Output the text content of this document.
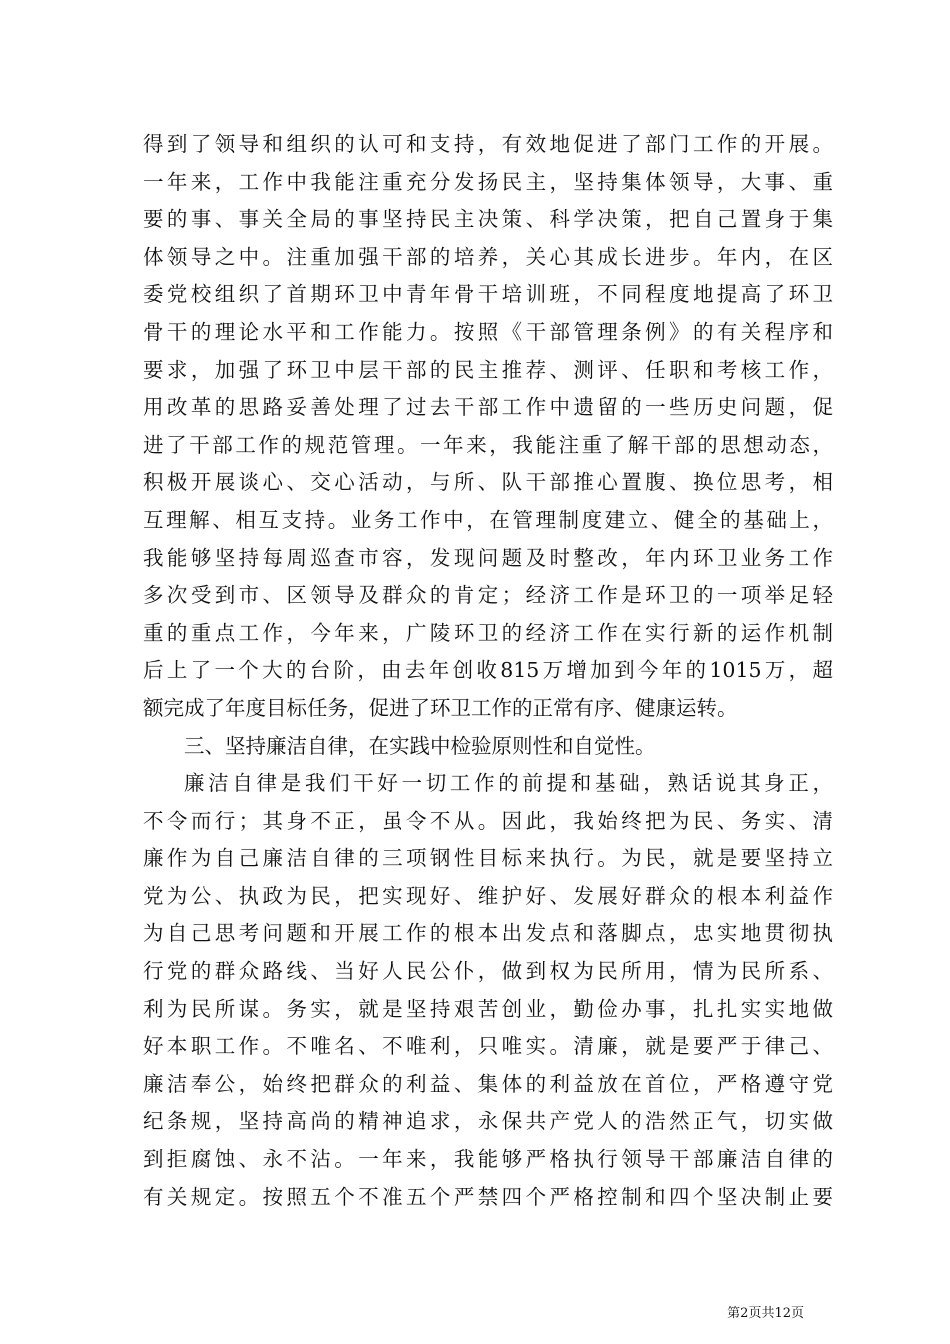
得到了领导和组织的认可和支持，有效地促进了部门工作的开展。
一年来，工作中我能注重充分发扬民主，坚持集体领导，大事、重
要的事、事关全局的事坚持民主决策、科学决策，把自己置身于集
体领导之中。注重加强干部的培养，关心其成长进步。年内，在区
委党校组织了首期环卫中青年骨干培训班，不同程度地提高了环卫
骨干的理论水平和工作能力。按照《干部管理条例》的有关程序和
要求，加强了环卫中层干部的民主推荐、测评、任职和考核工作，
用改革的思路妥善处理了过去干部工作中遗留的一些历史问题，促
进了干部工作的规范管理。一年来，我能注重了解干部的思想动态，
积极开展谈心、交心活动，与所、队干部推心置腹、换位思考，相
互理解、相互支持。业务工作中，在管理制度建立、健全的基础上，
我能够坚持每周巡查市容，发现问题及时整改，年内环卫业务工作
多次受到市、区领导及群众的肯定；经济工作是环卫的一项举足轻
重的重点工作，今年来，广陵环卫的经济工作在实行新的运作机制
后上了一个大的台阶，由去年创收815万增加到今年的1015万，超
额完成了年度目标任务，促进了环卫工作的正常有序、健康运转。
三、坚持廉洁自律，在实践中检验原则性和自觉性。
廉洁自律是我们干好一切工作的前提和基础，熟话说其身正，
不令而行；其身不正，虽令不从。因此，我始终把为民、务实、清
廉作为自己廉洁自律的三项钢性目标来执行。为民，就是要坚持立
党为公、执政为民，把实现好、维护好、发展好群众的根本利益作
为自己思考问题和开展工作的根本出发点和落脚点，忠实地贯彻执
行党的群众路线、当好人民公仆，做到权为民所用，情为民所系、
利为民所谋。务实，就是坚持艰苦创业，勤俭办事，扎扎实实地做
好本职工作。不唯名、不唯利，只唯实。清廉，就是要严于律己、
廉洁奉公，始终把群众的利益、集体的利益放在首位，严格遵守党
纪条规，坚持高尚的精神追求，永保共产党人的浩然正气，切实做
到拒腐蚀、永不沾。一年来，我能够严格执行领导干部廉洁自律的
有关规定。按照五个不准五个严禁四个严格控制和四个坚决制止要
第2页共12页
